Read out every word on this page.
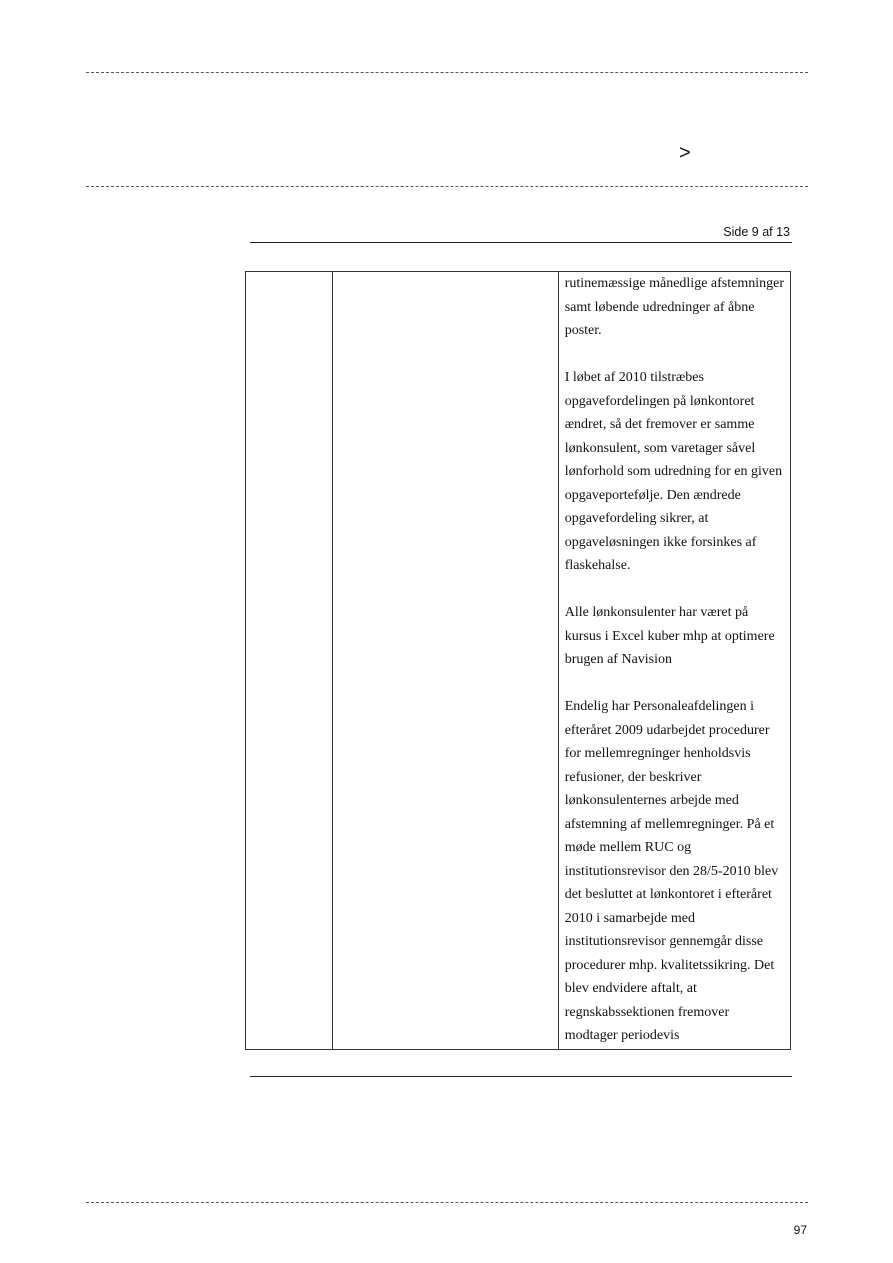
>
Side 9 af 13

rutinemæssige månedlige afstemninger
samt løbende udredninger af åbne
poster.

I løbet af 2010 tilstræbes
opgavefordelingen på lønkontoret
ændret, så det fremover er samme
lønkonsulent, som varetager såvel
lønforhold som udredning for en given
opgaveportefølje. Den ændrede
opgavefordeling sikrer, at
opgaveløsningen ikke forsinkes af
flaskehalse.

Alle lønkonsulenter har været på
kursus i Excel kuber mhp at optimere
brugen af Navision

Endelig har Personaleafdelingen i
efteråret 2009 udarbejdet procedurer
for mellemregninger henholdsvis
refusioner, der beskriver
lønkonsulenternes arbejde med
afstemning af mellemregninger. På et
møde mellem RUC og
institutionsrevisor den 28/5-2010 blev
det besluttet at lønkontoret i efteråret
2010 i samarbejde med
institutionsrevisor gennemgår disse
procedurer mhp. kvalitetssikring. Det
blev endvidere aftalt, at
regnskabssektionen fremover
modtager periodevis

97
